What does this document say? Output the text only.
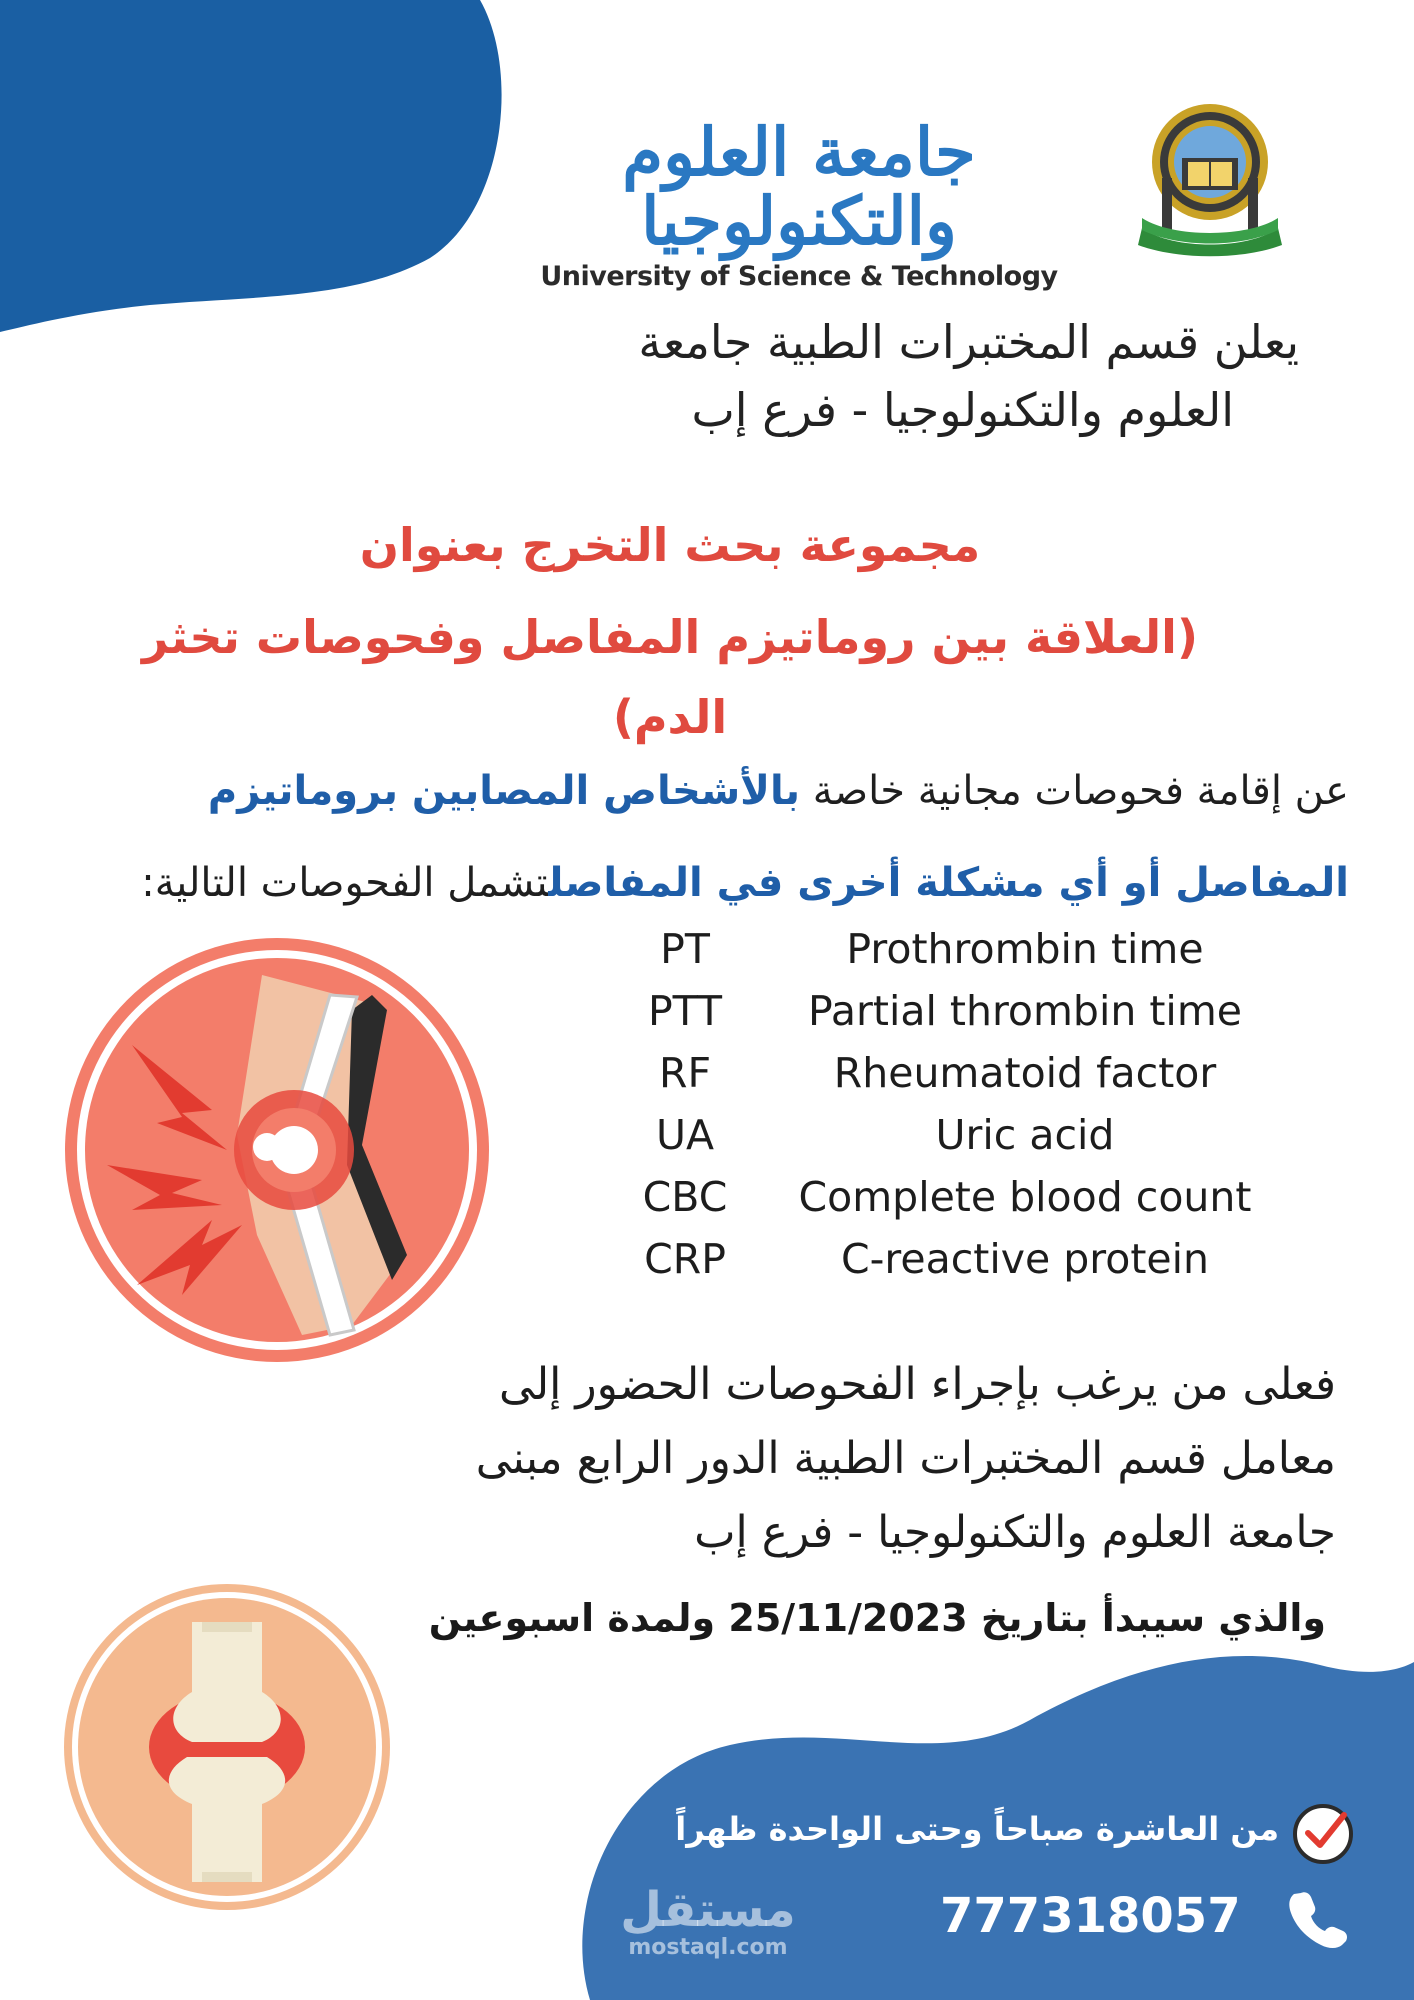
جامعة العلوم والتكنولوجيا
University of Science & Technology
يعلن قسم المختبرات الطبية جامعة
العلوم والتكنولوجيا - فرع إب
مجموعة بحث التخرج بعنوان
(العلاقة بين روماتيزم المفاصل وفحوصات تخثر الدم)
عن إقامة فحوصات مجانية خاصة بالأشخاص المصابين بروماتيزم
المفاصل أو أي مشكلة أخرى في المفاصلتشمل الفحوصات التالية:
PT	Prothrombin time
PTT	Partial thrombin time
RF	Rheumatoid factor
UA	Uric acid
CBC	Complete blood count
CRP	C-reactive protein
فعلى من يرغب بإجراء الفحوصات الحضور إلى
معامل قسم المختبرات الطبية الدور الرابع مبنى
جامعة العلوم والتكنولوجيا - فرع إب
والذي سيبدأ بتاريخ 25/11/2023 ولمدة اسبوعين
من العاشرة صباحاً وحتى الواحدة ظهراً
777318057
مستقل
mostaql.com
